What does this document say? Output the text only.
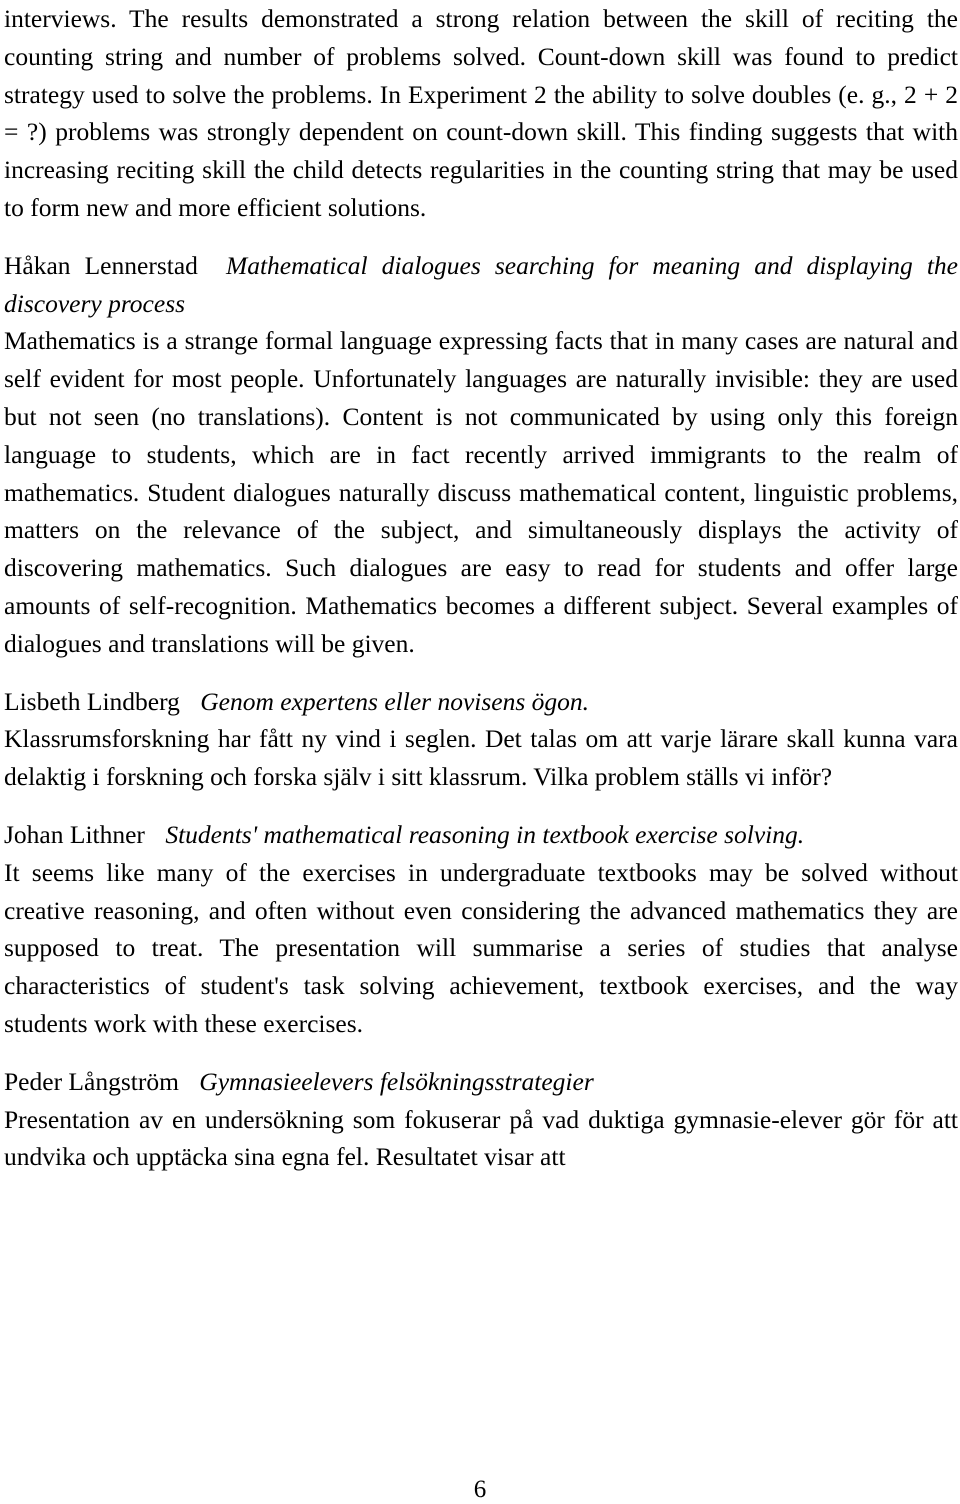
interviews. The results demonstrated a strong relation between the skill of reciting the counting string and number of problems solved. Count-down skill was found to predict strategy used to solve the problems. In Experiment 2 the ability to solve doubles (e. g., 2 + 2 = ?) problems was strongly dependent on count-down skill. This finding suggests that with increasing reciting skill the child detects regularities in the counting string that may be used to form new and more efficient solutions.

Håkan Lennerstad Mathematical dialogues searching for meaning and displaying the discovery process

Mathematics is a strange formal language expressing facts that in many cases are natural and self evident for most people. Unfortunately languages are naturally invisible: they are used but not seen (no translations). Content is not communicated by using only this foreign language to students, which are in fact recently arrived immigrants to the realm of mathematics. Student dialogues naturally discuss mathematical content, linguistic problems, matters on the relevance of the subject, and simultaneously displays the activity of discovering mathematics. Such dialogues are easy to read for students and offer large amounts of self-recognition. Mathematics becomes a different subject. Several examples of dialogues and translations will be given.

Lisbeth Lindberg Genom expertens eller novisens ögon.

Klassrumsforskning har fått ny vind i seglen. Det talas om att varje lärare skall kunna vara delaktig i forskning och forska själv i sitt klassrum. Vilka problem ställs vi inför?

Johan Lithner Students' mathematical reasoning in textbook exercise solving.

It seems like many of the exercises in undergraduate textbooks may be solved without creative reasoning, and often without even considering the advanced mathematics they are supposed to treat. The presentation will summarise a series of studies that analyse characteristics of student's task solving achievement, textbook exercises, and the way students work with these exercises.

Peder Långström Gymnasieelevers felsökningsstrategier

Presentation av en undersökning som fokuserar på vad duktiga gymnasie-elever gör för att undvika och upptäcka sina egna fel. Resultatet visar att

6
